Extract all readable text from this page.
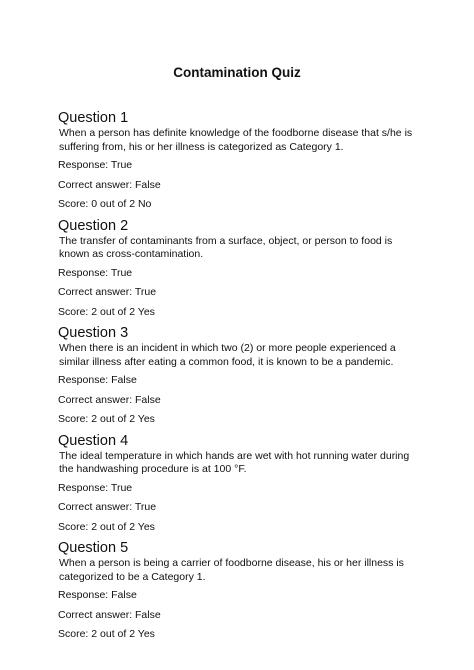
Contamination Quiz
Question 1
When a person has definite knowledge of the foodborne disease that s/he is suffering from, his or her illness is categorized as Category 1.
Response: True
Correct answer: False
Score: 0 out of 2 No
Question 2
The transfer of contaminants from a surface, object, or person to food is known as cross-contamination.
Response: True
Correct answer: True
Score: 2 out of 2 Yes
Question 3
When there is an incident in which two (2) or more people experienced a similar illness after eating a common food, it is known to be a pandemic.
Response: False
Correct answer: False
Score: 2 out of 2 Yes
Question 4
The ideal temperature in which hands are wet with hot running water during the handwashing procedure is at 100 °F.
Response: True
Correct answer: True
Score: 2 out of 2 Yes
Question 5
When a person is being a carrier of foodborne disease, his or her illness is categorized to be a Category 1.
Response: False
Correct answer: False
Score: 2 out of 2 Yes
